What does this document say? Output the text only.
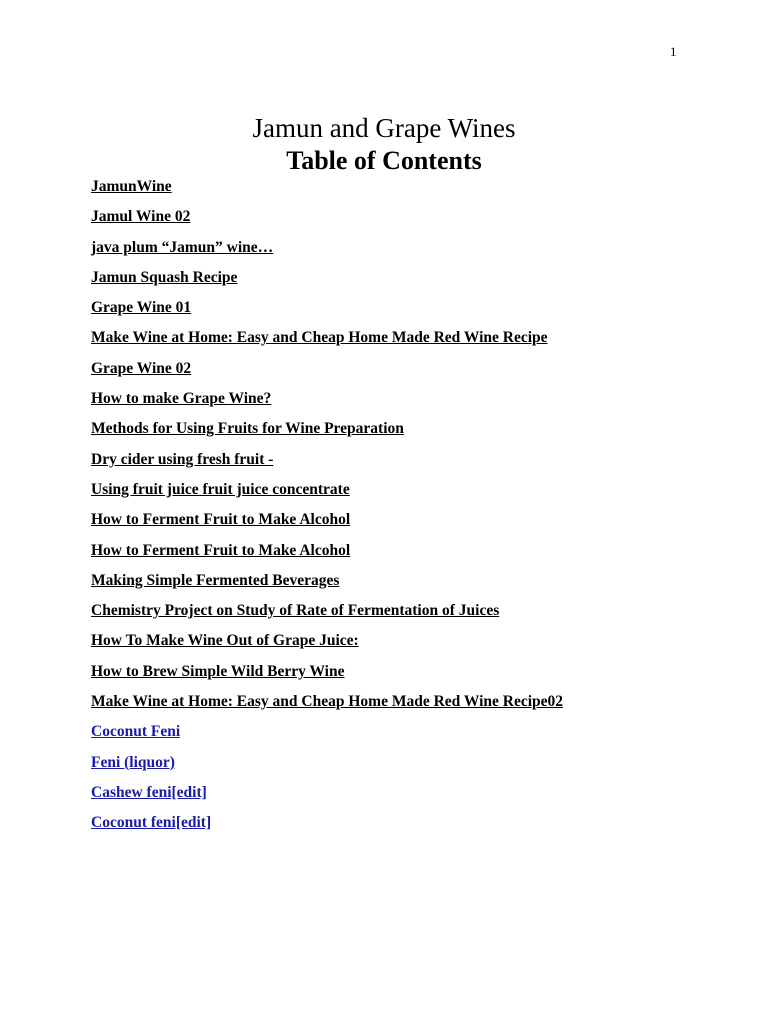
1
Jamun and Grape Wines
Table of Contents
JamunWine
Jamul Wine 02
java plum “Jamun” wine…
Jamun Squash Recipe
Grape Wine 01
Make Wine at Home: Easy and Cheap Home Made Red Wine Recipe
Grape Wine 02
How to make Grape Wine?
Methods for Using Fruits for Wine Preparation
Dry cider using fresh fruit -
Using fruit juice fruit juice concentrate
How to Ferment Fruit to Make Alcohol
How to Ferment Fruit to Make Alcohol
Making Simple Fermented Beverages
Chemistry Project on Study of Rate of Fermentation of Juices
How To Make Wine Out of Grape Juice:
How to Brew Simple Wild Berry Wine
Make Wine at Home: Easy and Cheap Home Made Red Wine Recipe02
Coconut Feni
Feni (liquor)
Cashew feni[edit]
Coconut feni[edit]
